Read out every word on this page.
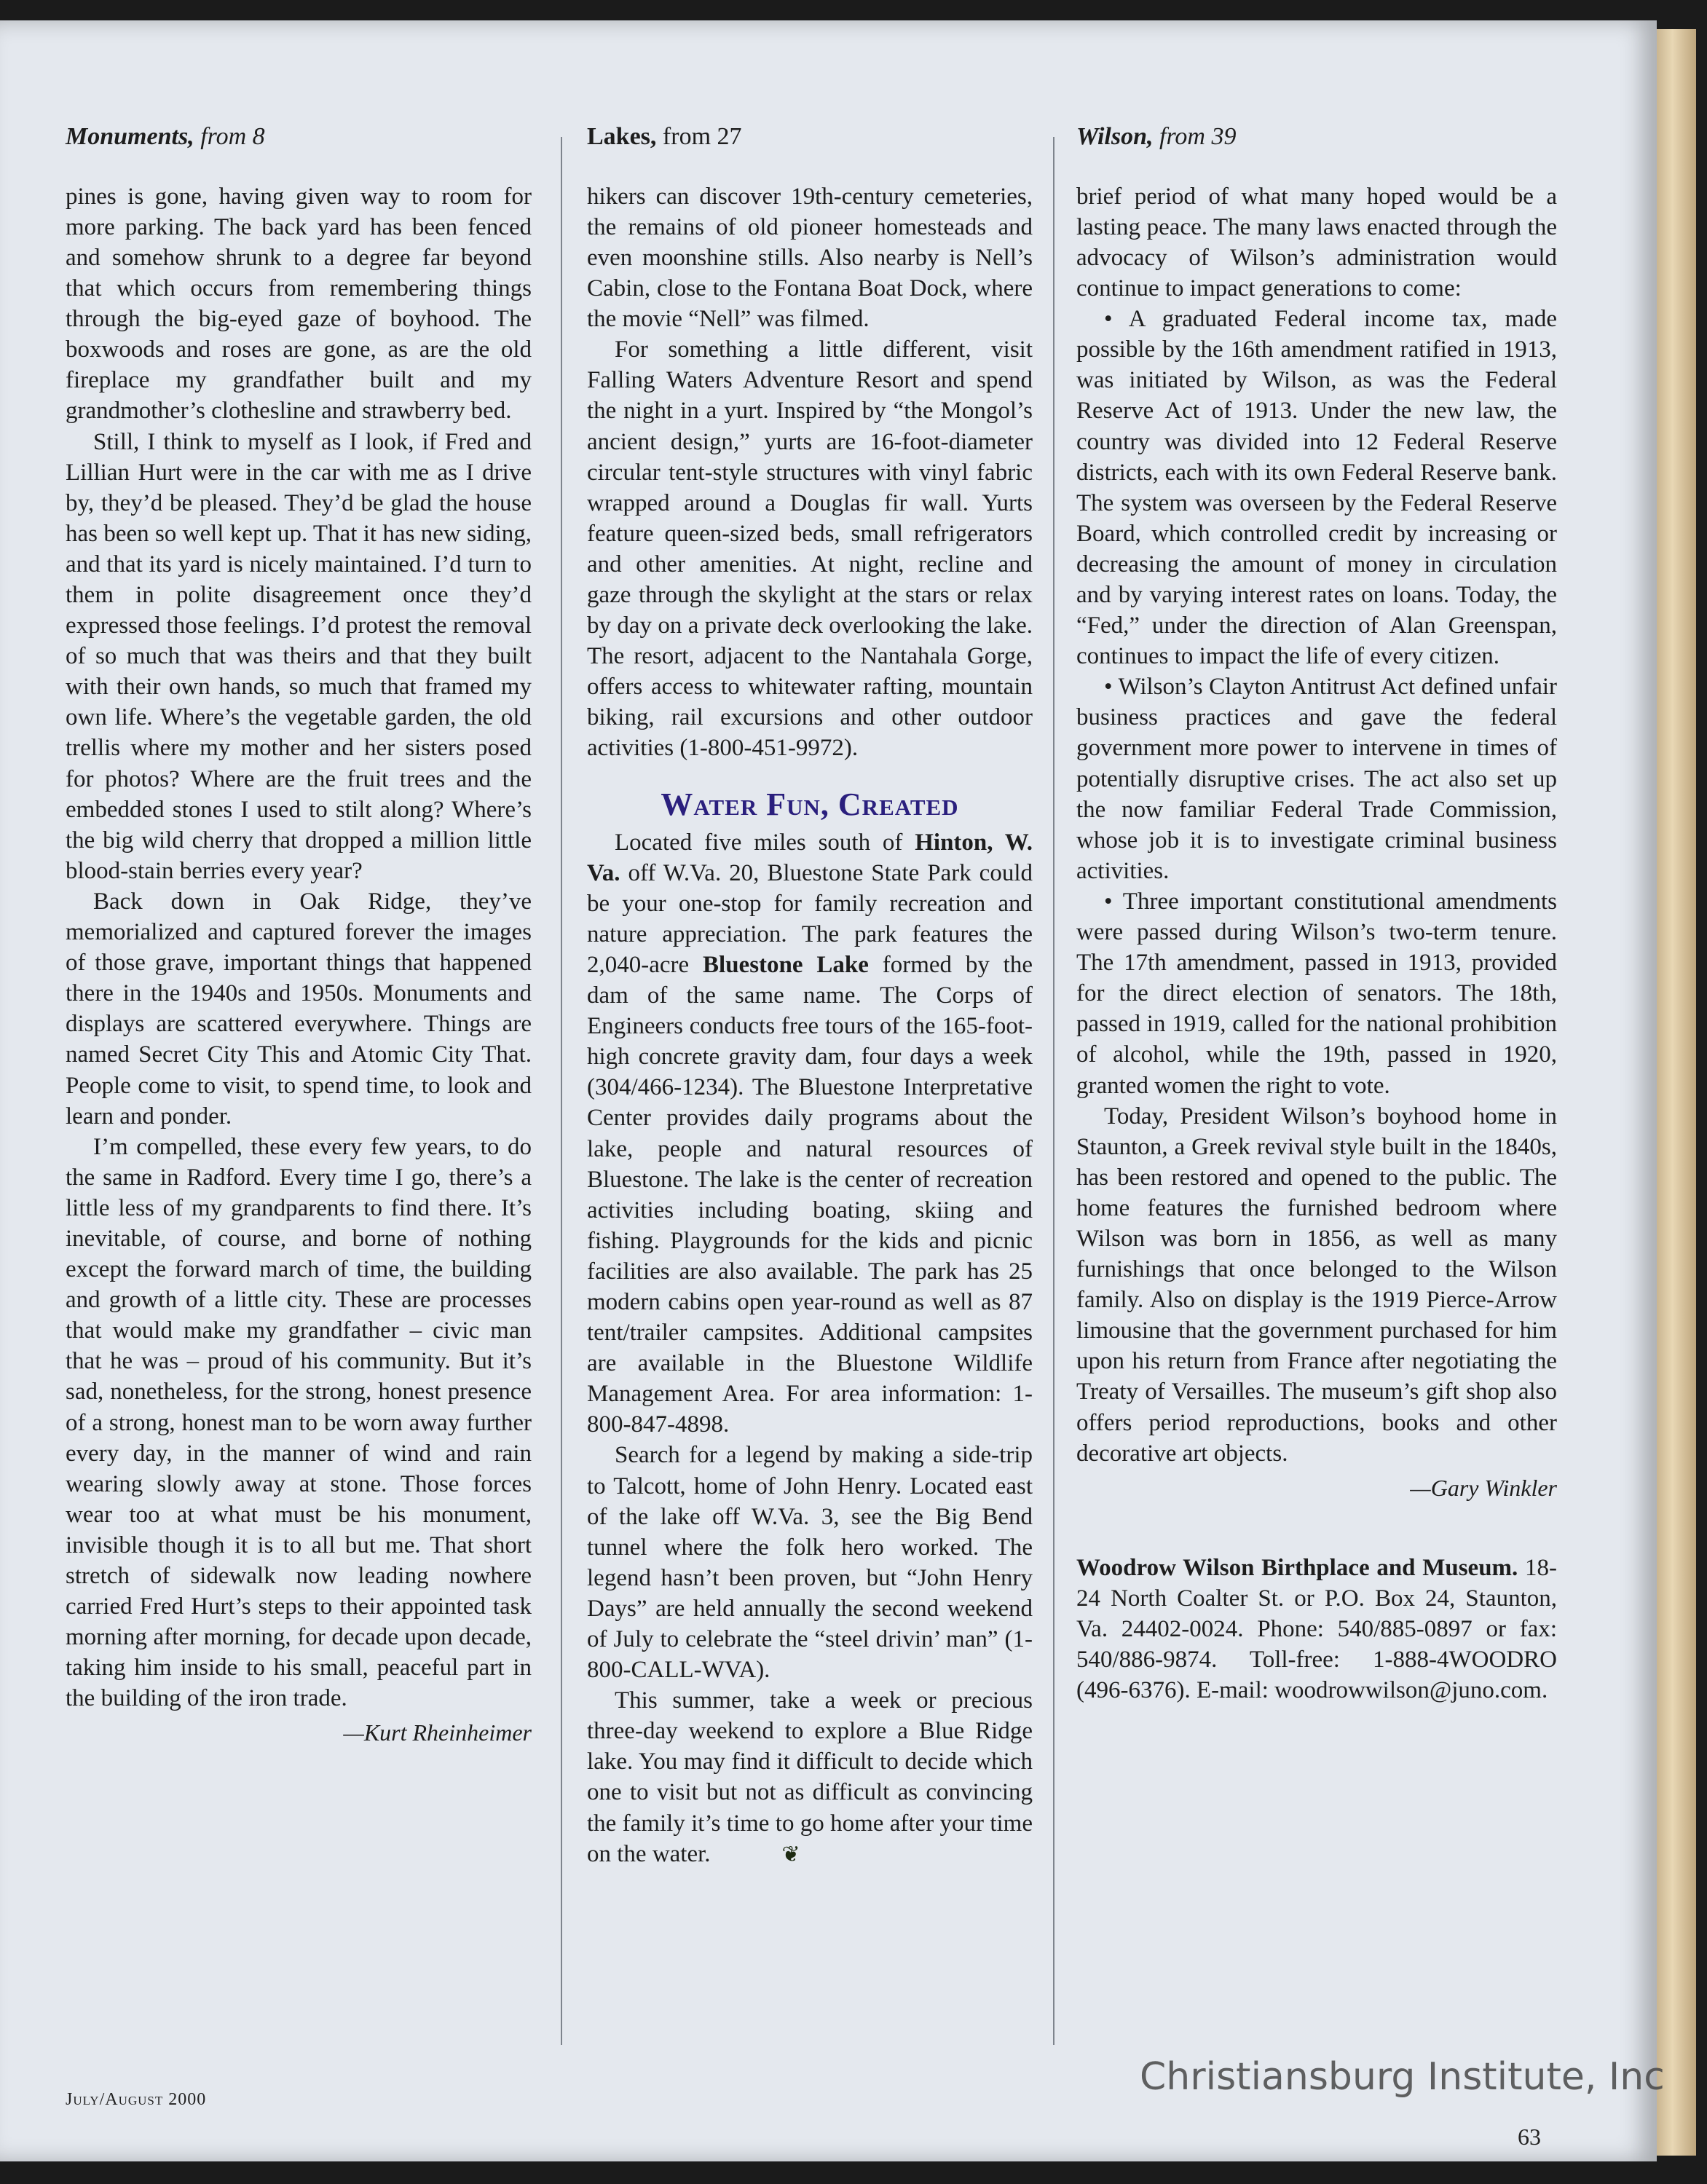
Monuments, from 8

pines is gone, having given way to room for more parking. The back yard has been fenced and somehow shrunk to a degree far beyond that which occurs from remembering things through the big-eyed gaze of boyhood. The boxwoods and roses are gone, as are the old fireplace my grandfather built and my grandmother’s clothesline and strawberry bed.

Still, I think to myself as I look, if Fred and Lillian Hurt were in the car with me as I drive by, they’d be pleased. They’d be glad the house has been so well kept up. That it has new siding, and that its yard is nicely maintained. I’d turn to them in polite disagreement once they’d expressed those feelings. I’d protest the removal of so much that was theirs and that they built with their own hands, so much that framed my own life. Where’s the vegetable garden, the old trellis where my mother and her sisters posed for photos? Where are the fruit trees and the embedded stones I used to stilt along? Where’s the big wild cherry that dropped a million little blood-stain berries every year?

Back down in Oak Ridge, they’ve memorialized and captured forever the images of those grave, important things that happened there in the 1940s and 1950s. Monuments and displays are scattered everywhere. Things are named Secret City This and Atomic City That. People come to visit, to spend time, to look and learn and ponder.

I’m compelled, these every few years, to do the same in Radford. Every time I go, there’s a little less of my grandparents to find there. It’s inevitable, of course, and borne of nothing except the forward march of time, the building and growth of a little city. These are processes that would make my grandfather – civic man that he was – proud of his community. But it’s sad, nonetheless, for the strong, honest presence of a strong, honest man to be worn away further every day, in the manner of wind and rain wearing slowly away at stone. Those forces wear too at what must be his monument, invisible though it is to all but me. That short stretch of sidewalk now leading nowhere carried Fred Hurt’s steps to their appointed task morning after morning, for decade upon decade, taking him inside to his small, peaceful part in the building of the iron trade.

—Kurt Rheinheimer
Lakes, from 27

hikers can discover 19th-century cemeteries, the remains of old pioneer homesteads and even moonshine stills. Also nearby is Nell’s Cabin, close to the Fontana Boat Dock, where the movie “Nell” was filmed.

For something a little different, visit Falling Waters Adventure Resort and spend the night in a yurt. Inspired by “the Mongol’s ancient design,” yurts are 16-foot-diameter circular tent-style structures with vinyl fabric wrapped around a Douglas fir wall. Yurts feature queen-sized beds, small refrigerators and other amenities. At night, recline and gaze through the skylight at the stars or relax by day on a private deck overlooking the lake. The resort, adjacent to the Nantahala Gorge, offers access to whitewater rafting, mountain biking, rail excursions and other outdoor activities (1-800-451-9972).

Water Fun, Created

Located five miles south of Hinton, W. Va. off W.Va. 20, Bluestone State Park could be your one-stop for family recreation and nature appreciation. The park features the 2,040-acre Bluestone Lake formed by the dam of the same name. The Corps of Engineers conducts free tours of the 165-foot-high concrete gravity dam, four days a week (304/466-1234). The Bluestone Interpretative Center provides daily programs about the lake, people and natural resources of Bluestone. The lake is the center of recreation activities including boating, skiing and fishing. Playgrounds for the kids and picnic facilities are also available. The park has 25 modern cabins open year-round as well as 87 tent/trailer campsites. Additional campsites are available in the Bluestone Wildlife Management Area. For area information: 1-800-847-4898.

Search for a legend by making a side-trip to Talcott, home of John Henry. Located east of the lake off W.Va. 3, see the Big Bend tunnel where the folk hero worked. The legend hasn’t been proven, but “John Henry Days” are held annually the second weekend of July to celebrate the “steel drivin’ man” (1-800-CALL-WVA).

This summer, take a week or precious three-day weekend to explore a Blue Ridge lake. You may find it difficult to decide which one to visit but not as difficult as convincing the family it’s time to go home after your time on the water.	❦

Wilson, from 39

brief period of what many hoped would be a lasting peace. The many laws enacted through the advocacy of Wilson’s administration would continue to impact generations to come:

• A graduated Federal income tax, made possible by the 16th amendment ratified in 1913, was initiated by Wilson, as was the Federal Reserve Act of 1913. Under the new law, the country was divided into 12 Federal Reserve districts, each with its own Federal Reserve bank. The system was overseen by the Federal Reserve Board, which controlled credit by increasing or decreasing the amount of money in circulation and by varying interest rates on loans. Today, the “Fed,” under the direction of Alan Greenspan, continues to impact the life of every citizen.

• Wilson’s Clayton Antitrust Act defined unfair business practices and gave the federal government more power to intervene in times of potentially disruptive crises. The act also set up the now familiar Federal Trade Commission, whose job it is to investigate criminal business activities.

• Three important constitutional amendments were passed during Wilson’s two-term tenure. The 17th amendment, passed in 1913, provided for the direct election of senators. The 18th, passed in 1919, called for the national prohibition of alcohol, while the 19th, passed in 1920, granted women the right to vote.

Today, President Wilson’s boyhood home in Staunton, a Greek revival style built in the 1840s, has been restored and opened to the public. The home features the furnished bedroom where Wilson was born in 1856, as well as many furnishings that once belonged to the Wilson family. Also on display is the 1919 Pierce-Arrow limousine that the government purchased for him upon his return from France after negotiating the Treaty of Versailles. The museum’s gift shop also offers period reproductions, books and other decorative art objects.

—Gary Winkler

Woodrow Wilson Birthplace and Museum. 18-24 North Coalter St. or P.O. Box 24, Staunton, Va. 24402-0024. Phone: 540/885-0897 or fax: 540/886-9874. Toll-free: 1-888-4WOODRO (496-6376). E-mail: woodrowwilson@juno.com.

July/August 2000
63
Christiansburg Institute, Inc
